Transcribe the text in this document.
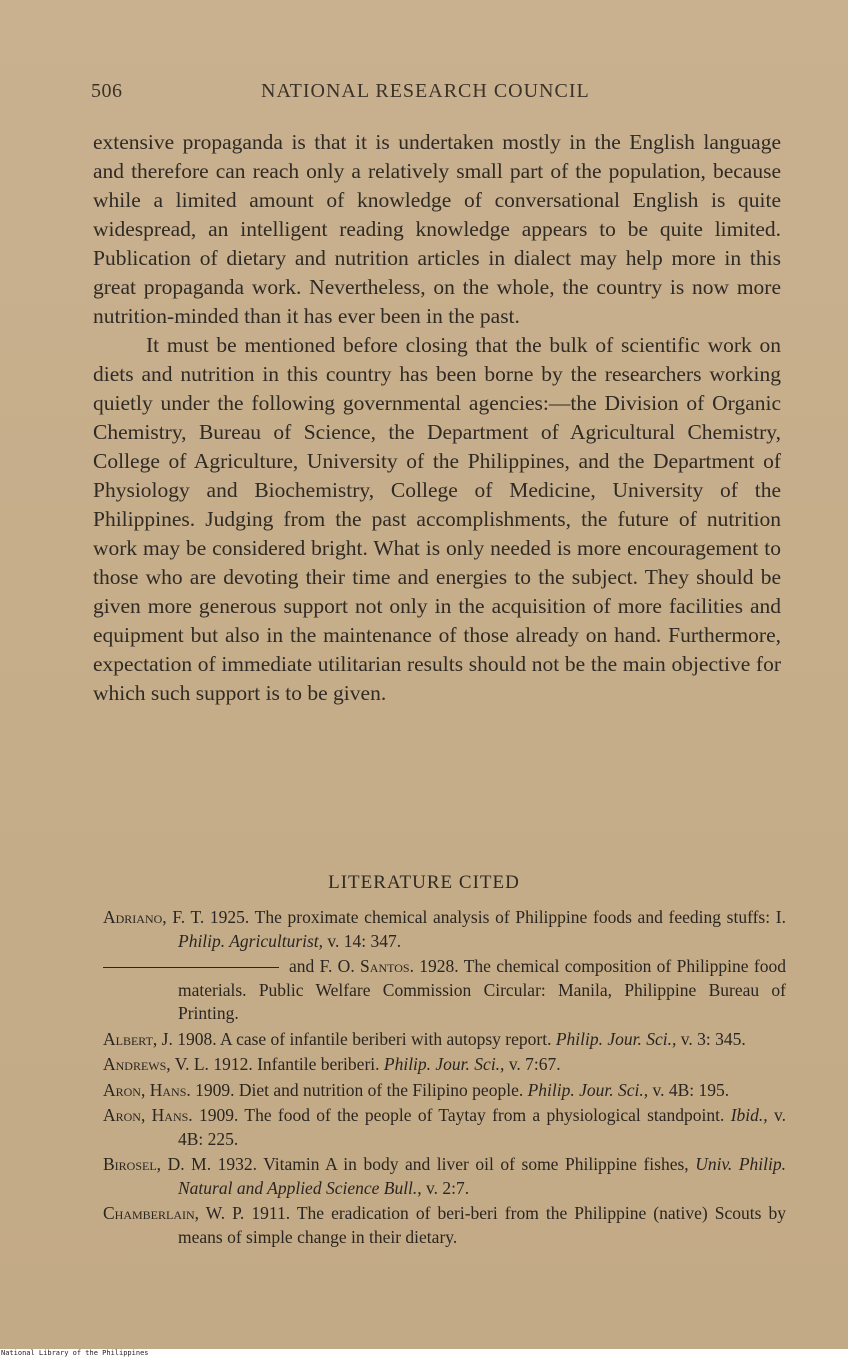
506	NATIONAL RESEARCH COUNCIL

extensive propaganda is that it is undertaken mostly in the English language and therefore can reach only a relatively small part of the population, because while a limited amount of knowledge of conversational English is quite widespread, an intelligent reading knowledge appears to be quite limited. Publication of dietary and nutrition articles in dialect may help more in this great propaganda work. Nevertheless, on the whole, the country is now more nutrition-minded than it has ever been in the past.

It must be mentioned before closing that the bulk of scientific work on diets and nutrition in this country has been borne by the researchers working quietly under the following governmental agencies:—the Division of Organic Chemistry, Bureau of Science, the Department of Agricultural Chemistry, College of Agriculture, University of the Philippines, and the Department of Physiology and Biochemistry, College of Medicine, University of the Philippines. Judging from the past accomplishments, the future of nutrition work may be considered bright. What is only needed is more encouragement to those who are devoting their time and energies to the subject. They should be given more generous support not only in the acquisition of more facilities and equipment but also in the maintenance of those already on hand. Furthermore, expectation of immediate utilitarian results should not be the main objective for which such support is to be given.

LITERATURE CITED
Adriano, F. T. 1925. The proximate chemical analysis of Philippine foods and feeding stuffs: I. Philip. Agriculturist, v. 14: 347.
and F. O. Santos. 1928. The chemical composition of Philippine food materials. Public Welfare Commission Circular: Manila, Philippine Bureau of Printing.
Albert, J. 1908. A case of infantile beriberi with autopsy report. Philip. Jour. Sci., v. 3: 345.
Andrews, V. L. 1912. Infantile beriberi. Philip. Jour. Sci., v. 7:67.
Aron, Hans. 1909. Diet and nutrition of the Filipino people. Philip. Jour. Sci., v. 4B: 195.
Aron, Hans. 1909. The food of the people of Taytay from a physiological standpoint. Ibid., v. 4B: 225.
Birosel, D. M. 1932. Vitamin A in body and liver oil of some Philippine fishes, Univ. Philip. Natural and Applied Science Bull., v. 2:7.
Chamberlain, W. P. 1911. The eradication of beri-beri from the Philippine (native) Scouts by means of simple change in their dietary.
National Library of the Philippines
